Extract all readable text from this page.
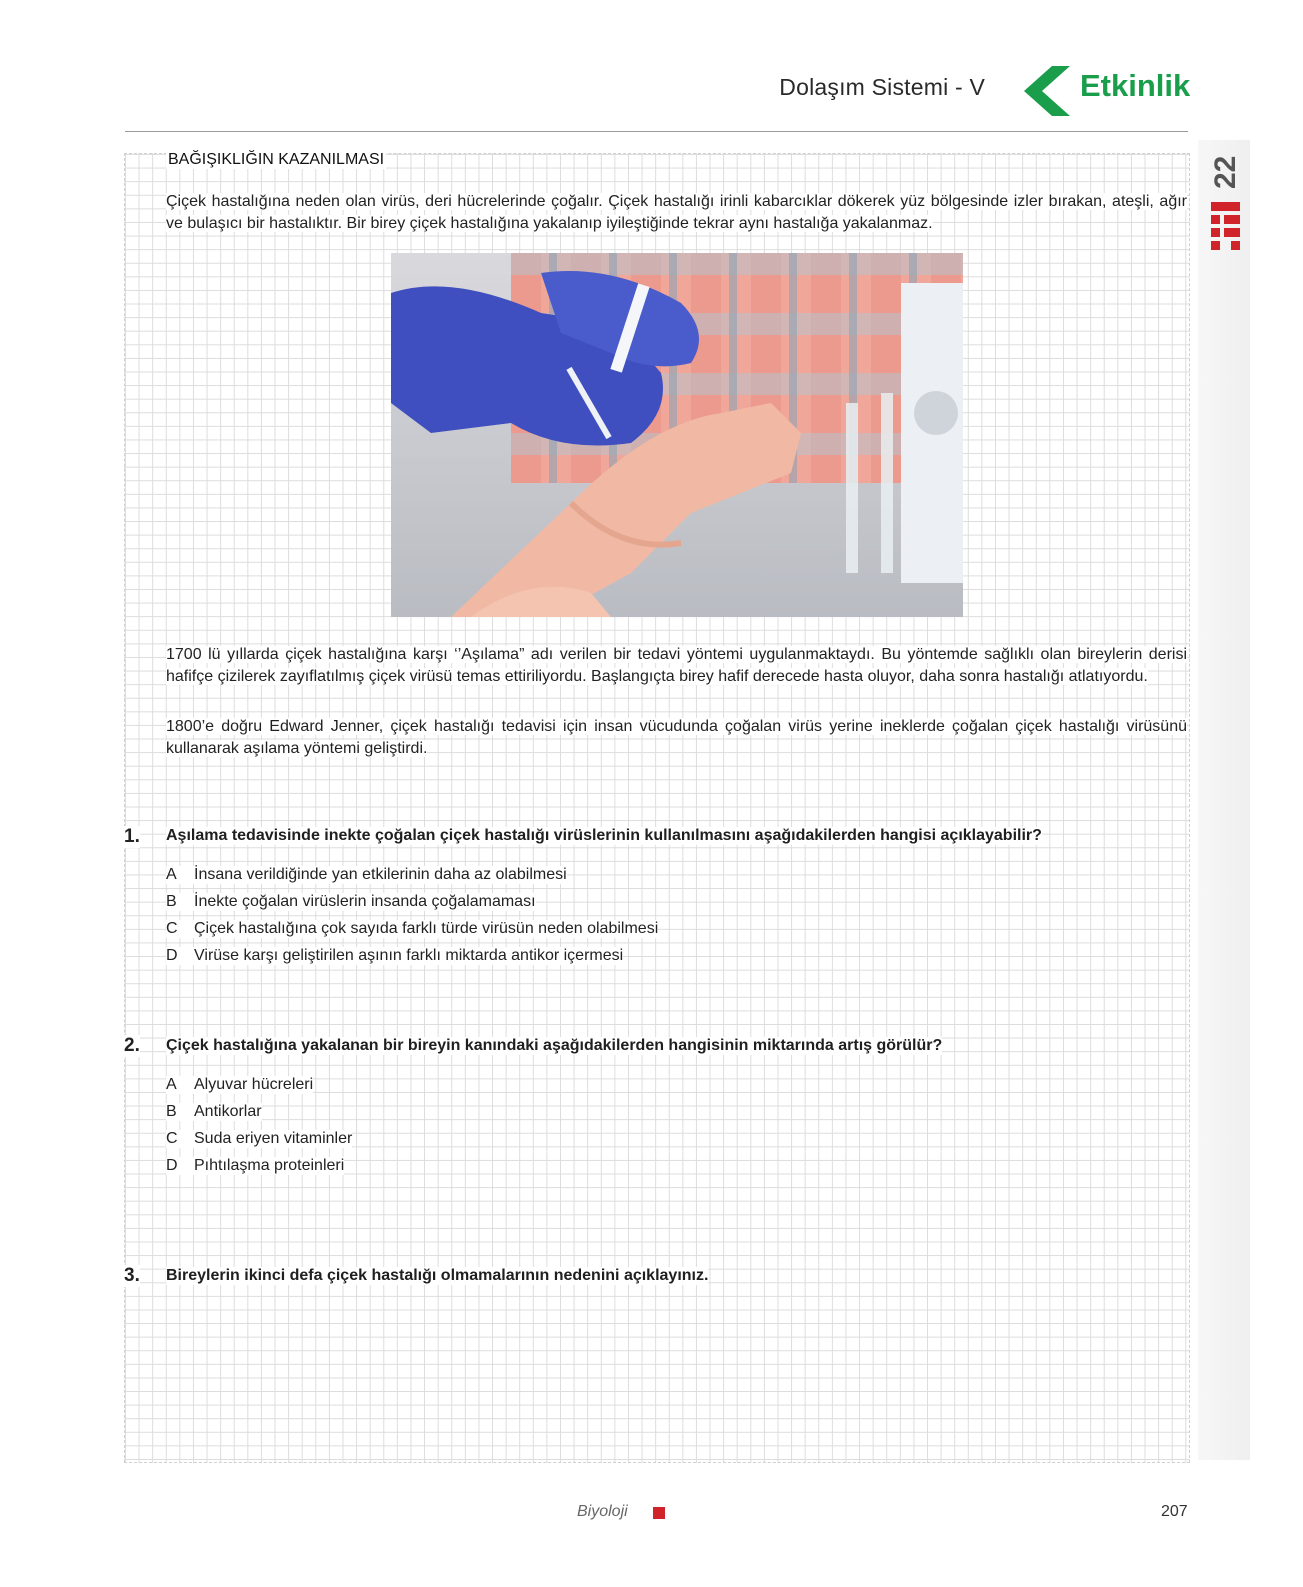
Dolaşım Sistemi - V	Etkinlik
22
BAĞIŞIKLIĞIN KAZANILMASI
Çiçek hastalığına neden olan virüs, deri hücrelerinde çoğalır. Çiçek hastalığı irinli kabarcıklar dökerek yüz bölgesinde izler bırakan, ateşli, ağır ve bulaşıcı bir hastalıktır. Bir birey çiçek hastalığına yakalanıp iyileştiğinde tekrar aynı hastalığa yakalanmaz.
1700 lü yıllarda çiçek hastalığına karşı ‘’Aşılama” adı verilen bir tedavi yöntemi uygulanmaktaydı. Bu yöntemde sağlıklı olan bireylerin derisi hafifçe çizilerek zayıflatılmış çiçek virüsü temas ettiriliyordu. Başlangıçta birey hafif derecede hasta oluyor, daha sonra hastalığı atlatıyordu.
1800’e doğru Edward Jenner, çiçek hastalığı tedavisi için insan vücudunda çoğalan virüs yerine ineklerde çoğalan çiçek hastalığı virüsünü kullanarak aşılama yöntemi geliştirdi.
1. Aşılama tedavisinde inekte çoğalan çiçek hastalığı virüslerinin kullanılmasını aşağıdakilerden hangisi açıklayabilir?
A İnsana verildiğinde yan etkilerinin daha az olabilmesi
B İnekte çoğalan virüslerin insanda çoğalamaması
C Çiçek hastalığına çok sayıda farklı türde virüsün neden olabilmesi
D Virüse karşı geliştirilen aşının farklı miktarda antikor içermesi
2. Çiçek hastalığına yakalanan bir bireyin kanındaki aşağıdakilerden hangisinin miktarında artış görülür?
A Alyuvar hücreleri
B Antikorlar
C Suda eriyen vitaminler
D Pıhtılaşma proteinleri
3. Bireylerin ikinci defa çiçek hastalığı olmamalarının nedenini açıklayınız.
Biyoloji	207
